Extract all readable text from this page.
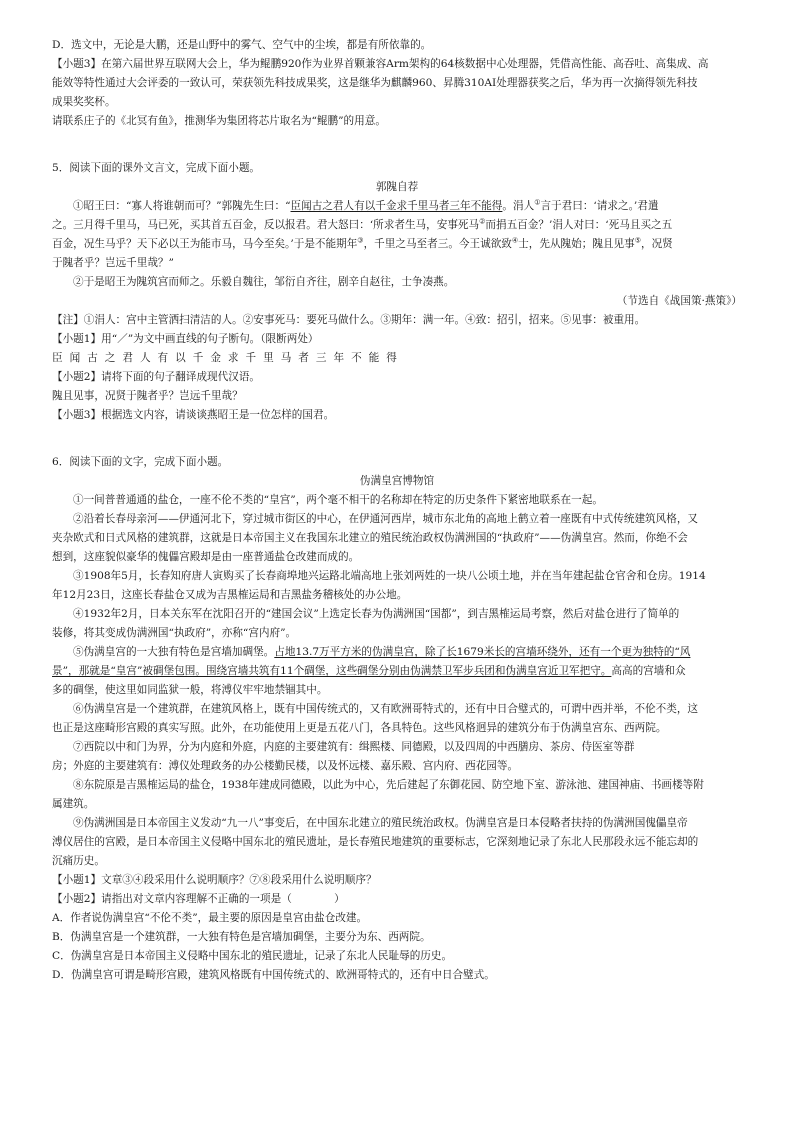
D．选文中，无论是大鹏，还是山野中的雾气、空气中的尘埃，都是有所依靠的。
【小题3】在第六届世界互联网大会上，华为鲲鹏920作为业界首颗兼容Arm架构的64核数据中心处理器，凭借高性能、高吞吐、高集成、高
能效等特性通过大会评委的一致认可，荣获领先科技成果奖，这是继华为麒麟960、昇腾310AI处理器获奖之后，华为再一次摘得领先科技
成果奖奖杯。
请联系庄子的《北冥有鱼》，推测华为集团将芯片取名为“鲲鹏”的用意。
5．阅读下面的课外文言文，完成下面小题。
郭隗自荐
①昭王曰：“寡人将谁朝而可？”郭隗先生曰：“臣闻古之君人有以千金求千里马者三年不能得。涓人①言于君曰：‘请求之。’君遣
之。三月得千里马，马已死，买其首五百金，反以报君。君大怒曰：‘所求者生马，安事死马②而捐五百金？’涓人对曰：‘死马且买之五
百金，况生马乎？天下必以王为能市马，马今至矣。’于是不能期年③，千里之马至者三。今王诚欲致④士，先从隗始；隗且见事⑤，况贤
于隗者乎？岂远千里哉？”
②于是昭王为隗筑宫而师之。乐毅自魏往，邹衍自齐往，剧辛自赵往，士争凑燕。
（节选自《战国策·燕策》）
【注】①涓人：宫中主管洒扫清洁的人。②安事死马：要死马做什么。③期年：满一年。④致：招引，招来。⑤见事：被重用。
【小题1】用“／”为文中画直线的句子断句。（限断两处）
臣闻古之君人有以千金求千里马者三年不能得
【小题2】请将下面的句子翻译成现代汉语。
隗且见事，况贤于隗者乎？岂远千里哉？
【小题3】根据选文内容，请谈谈燕昭王是一位怎样的国君。
6．阅读下面的文字，完成下面小题。
伪满皇宫博物馆
①一间普普通通的盐仓，一座不伦不类的“皇宫”，两个毫不相干的名称却在特定的历史条件下紧密地联系在一起。
②沿着长春母亲河——伊通河北下，穿过城市街区的中心，在伊通河西岸，城市东北角的高地上鹤立着一座既有中式传统建筑风格，又
夹杂欧式和日式风格的建筑群，这就是日本帝国主义在我国东北建立的殖民统治政权伪满洲国的“执政府”——伪满皇宫。然而，你绝不会
想到，这座貌似豪华的傀儡宫殿却是由一座普通盐仓改建而成的。
③1908年5月，长春知府唐人寅购买了长春商埠地兴运路北端高地上张刘两姓的一块八公顷土地，并在当年建起盐仓官舍和仓房。1914
年12月23日，这座长春盐仓又成为吉黑榷运局和吉黑盐务稽核处的办公地。
④1932年2月，日本关东军在沈阳召开的“建国会议”上选定长春为伪满洲国“国都”，到吉黑榷运局考察，然后对盐仓进行了简单的
装修，将其变成伪满洲国“执政府”，亦称“宫内府”。
⑤伪满皇宫的一大独有特色是宫墙加碉堡。占地13.7万平方米的伪满皇宫，除了长1679米长的宫墙环绕外，还有一个更为独特的“风
景”，那就是“皇宫”被碉堡包围。围绕宫墙共筑有11个碉堡，这些碉堡分别由伪满禁卫军步兵团和伪满皇宫近卫军把守。高高的宫墙和众
多的碉堡，使这里如同监狱一般，将溥仪牢牢地禁锢其中。
⑥伪满皇宫是一个建筑群，在建筑风格上，既有中国传统式的，又有欧洲哥特式的，还有中日合璧式的，可谓中西并举，不伦不类，这
也正是这座畸形宫殿的真实写照。此外，在功能使用上更是五花八门，各具特色。这些风格迥异的建筑分布于伪满皇宫东、西两院。
⑦西院以中和门为界，分为内庭和外庭，内庭的主要建筑有：缉熙楼、同德殿，以及四周的中西膳房、茶房、侍医室等群
房；外庭的主要建筑有：溥仪处理政务的办公楼勤民楼，以及怀远楼、嘉乐殿、宫内府、西花园等。
⑧东院原是吉黑榷运局的盐仓，1938年建成同德殿，以此为中心，先后建起了东御花园、防空地下室、游泳池、建国神庙、书画楼等附
属建筑。
⑨伪满洲国是日本帝国主义发动“九一八”事变后，在中国东北建立的殖民统治政权。伪满皇宫是日本侵略者扶持的伪满洲国傀儡皇帝
溥仪居住的宫殿，是日本帝国主义侵略中国东北的殖民遗址，是长春殖民地建筑的重要标志，它深刻地记录了东北人民那段永远不能忘却的
沉痛历史。
【小题1】文章③④段采用什么说明顺序？⑦⑧段采用什么说明顺序？
【小题2】请指出对文章内容理解不正确的一项是（　　　　）
A．作者说伪满皇宫“不伦不类”，最主要的原因是皇宫由盐仓改建。
B．伪满皇宫是一个建筑群，一大独有特色是宫墙加碉堡，主要分为东、西两院。
C．伪满皇宫是日本帝国主义侵略中国东北的殖民遗址，记录了东北人民耻辱的历史。
D．伪满皇宫可谓是畸形宫殿，建筑风格既有中国传统式的、欧洲哥特式的，还有中日合璧式。
